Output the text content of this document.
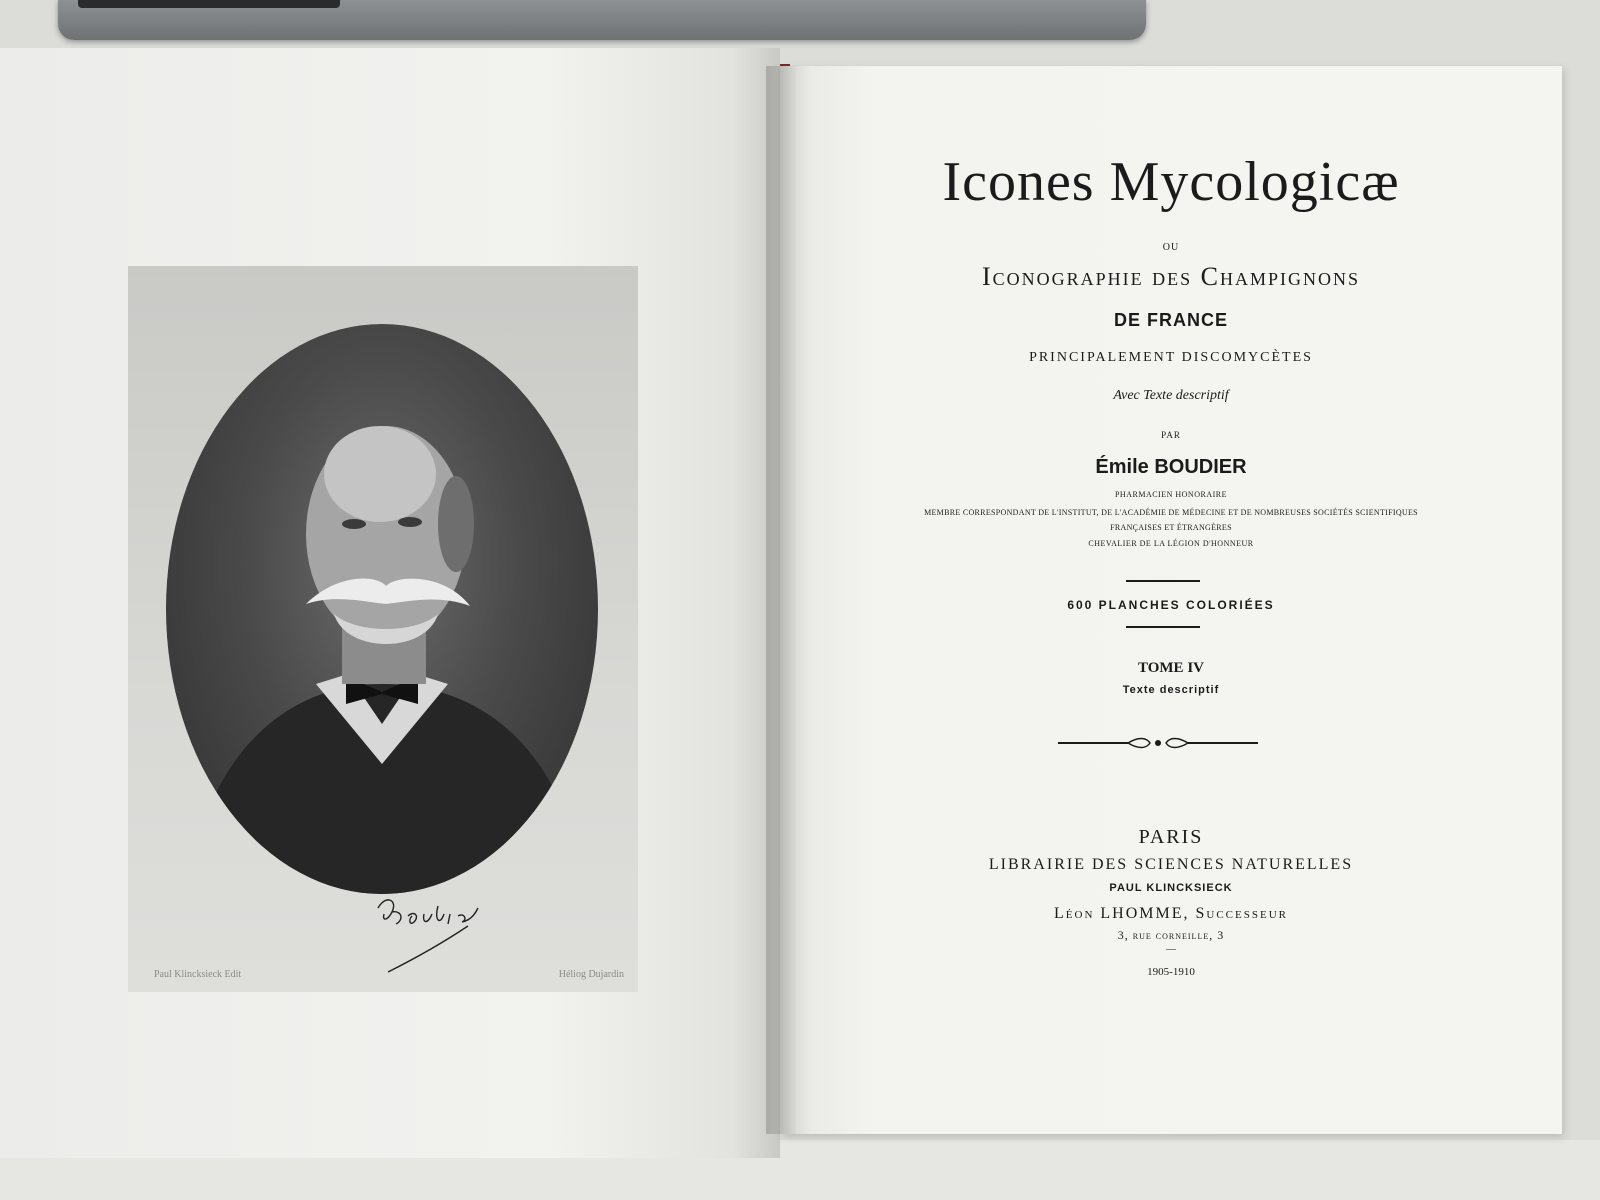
Paul Klincksieck Edit	Héliog Dujardin
Icones Mycologicæ
OU
Iconographie des Champignons
DE FRANCE
PRINCIPALEMENT DISCOMYCÈTES
Avec Texte descriptif
PAR
Émile BOUDIER
PHARMACIEN HONORAIRE
MEMBRE CORRESPONDANT DE L'INSTITUT, DE L'ACADÉMIE DE MÉDECINE ET DE NOMBREUSES SOCIÉTÉS SCIENTIFIQUES
FRANÇAISES ET ÉTRANGÈRES
CHEVALIER DE LA LÉGION D'HONNEUR
600 PLANCHES COLORIÉES
TOME IV
Texte descriptif
PARIS
LIBRAIRIE DES SCIENCES NATURELLES
PAUL KLINCKSIECK
Léon LHOMME, Successeur
3, rue corneille, 3
—
1905-1910
